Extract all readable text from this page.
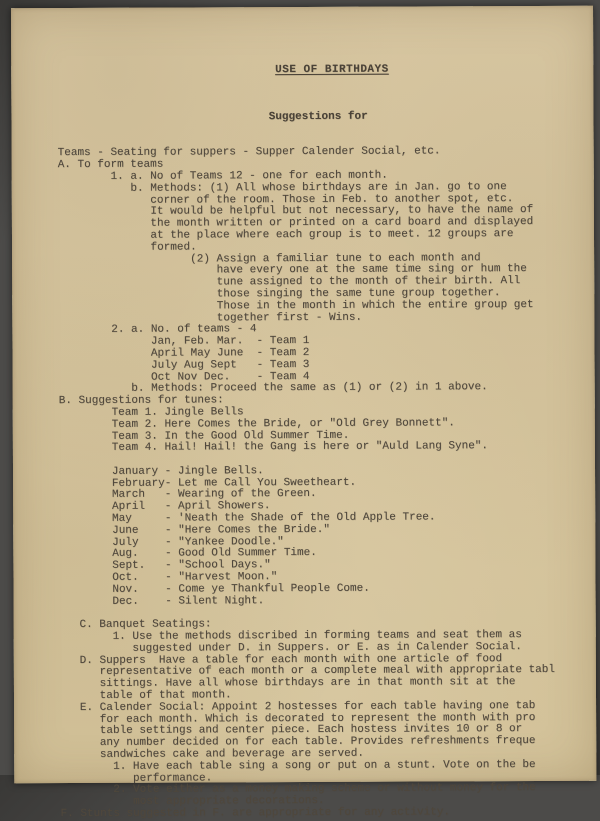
USE OF BIRTHDAYS

Suggestions for

Teams - Seating for suppers - Supper Calender Social, etc.
A. To form teams
1. a. No of Teams 12 - one for each month.
b. Methods: (1) All whose birthdays are in Jan. go to one
corner of the room. Those in Feb. to another spot, etc.
It would be helpful but not necessary, to have the name of
the month written or printed on a card board and displayed
at the place where each group is to meet. 12 groups are
formed.
(2) Assign a familiar tune to each month and
have every one at the same time sing or hum the
tune assigned to the month of their birth. All
those singing the same tune group together.
Those in the month in which the entire group get
together first - Wins.
2. a. No. of teams - 4
Jan, Feb. Mar.  - Team 1
April May June  - Team 2
July Aug Sept   - Team 3
Oct Nov Dec.    - Team 4
b. Methods: Proceed the same as (1) or (2) in 1 above.
B. Suggestions for tunes:
Team 1. Jingle Bells
Team 2. Here Comes the Bride, or "Old Grey Bonnett".
Team 3. In the Good Old Summer Time.
Team 4. Hail! Hail! the Gang is here or "Auld Lang Syne".

January - Jingle Bells.
February- Let me Call You Sweetheart.
March   - Wearing of the Green.
April   - April Showers.
May     - 'Neath the Shade of the Old Apple Tree.
June    - "Here Comes the Bride."
July    - "Yankee Doodle."
Aug.    - Good Old Summer Time.
Sept.   - "School Days."
Oct.    - "Harvest Moon."
Nov.    - Come ye Thankful People Come.
Dec.    - Silent Night.

C. Banquet Seatings:
1. Use the methods discribed in forming teams and seat them as
suggested under D. in Suppers. or E. as in Calender Social.
D. Suppers  Have a table for each month with one article of food
representative of each month or a complete meal with appropriate tabl
sittings. Have all whose birthdays are in that month sit at the
table of that month.
E. Calender Social: Appoint 2 hostesses for each table having one tab
for each month. Which is decorated to represent the month with pro
table settings and center piece. Each hostess invites 10 or 8 or
any number decided on for each table. Provides refreshments freque
sandwiches cake and beverage are served.
1. Have each table sing a song or put on a stunt. Vote on the be
performance.
2. Vote either as a money making scheme or without money for the
most appropriate decorations.
F. Stunts suggested in F. are appropriate for any activity.
